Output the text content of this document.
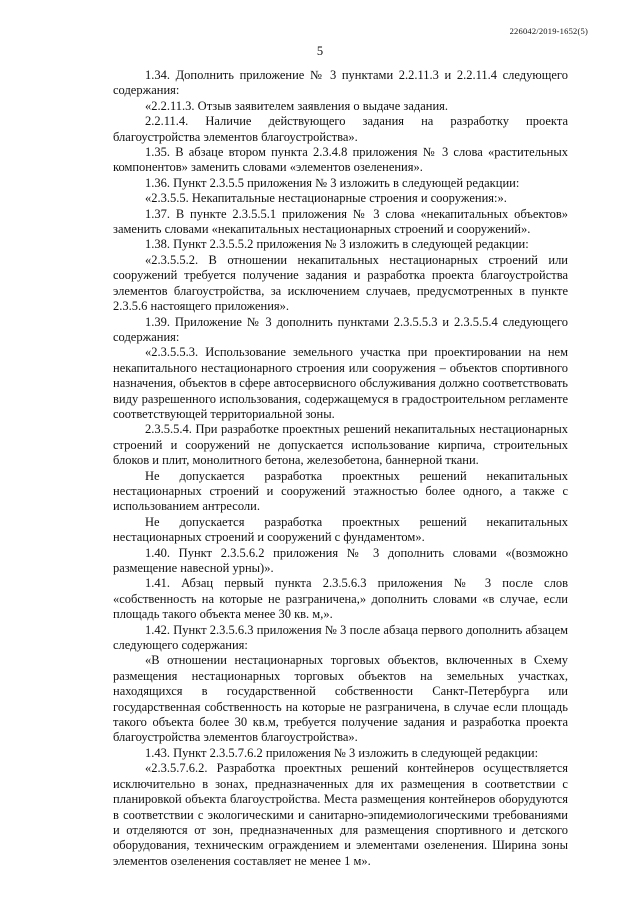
226042/2019-1652(5)
5

1.34. Дополнить приложение № 3 пунктами 2.2.11.3 и 2.2.11.4 следующего содержания:

«2.2.11.3. Отзыв заявителем заявления о выдаче задания.

2.2.11.4. Наличие действующего задания на разработку проекта благоустройства элементов благоустройства».

1.35. В абзаце втором пункта 2.3.4.8 приложения № 3 слова «растительных компонентов» заменить словами «элементов озеленения».

1.36. Пункт 2.3.5.5 приложения № 3 изложить в следующей редакции:

«2.3.5.5. Некапитальные нестационарные строения и сооружения:».

1.37. В пункте 2.3.5.5.1 приложения № 3 слова «некапитальных объектов» заменить словами «некапитальных нестационарных строений и сооружений».

1.38. Пункт 2.3.5.5.2 приложения № 3 изложить в следующей редакции:

«2.3.5.5.2. В отношении некапитальных нестационарных строений или сооружений требуется получение задания и разработка проекта благоустройства элементов благоустройства, за исключением случаев, предусмотренных в пункте 2.3.5.6 настоящего приложения».

1.39. Приложение № 3 дополнить пунктами 2.3.5.5.3 и 2.3.5.5.4 следующего содержания:

«2.3.5.5.3. Использование земельного участка при проектировании на нем некапитального нестационарного строения или сооружения – объектов спортивного назначения, объектов в сфере автосервисного обслуживания должно соответствовать виду разрешенного использования, содержащемуся в градостроительном регламенте соответствующей территориальной зоны.

2.3.5.5.4. При разработке проектных решений некапитальных нестационарных строений и сооружений не допускается использование кирпича, строительных блоков и плит, монолитного бетона, железобетона, баннерной ткани.

Не допускается разработка проектных решений некапитальных нестационарных строений и сооружений этажностью более одного, а также с использованием антресоли.

Не допускается разработка проектных решений некапитальных нестационарных строений и сооружений с фундаментом».

1.40. Пункт 2.3.5.6.2 приложения № 3 дополнить словами «(возможно размещение навесной урны)».

1.41. Абзац первый пункта 2.3.5.6.3 приложения № 3 после слов «собственность на которые не разграничена,» дополнить словами «в случае, если площадь такого объекта менее 30 кв. м,».

1.42. Пункт 2.3.5.6.3 приложения № 3 после абзаца первого дополнить абзацем следующего содержания:

«В отношении нестационарных торговых объектов, включенных в Схему размещения нестационарных торговых объектов на земельных участках, находящихся в государственной собственности Санкт-Петербурга или государственная собственность на которые не разграничена, в случае если площадь такого объекта более 30 кв.м, требуется получение задания и разработка проекта благоустройства элементов благоустройства».

1.43. Пункт 2.3.5.7.6.2 приложения № 3 изложить в следующей редакции:

«2.3.5.7.6.2. Разработка проектных решений контейнеров осуществляется исключительно в зонах, предназначенных для их размещения в соответствии с планировкой объекта благоустройства. Места размещения контейнеров оборудуются в соответствии с экологическими и санитарно-эпидемиологическими требованиями и отделяются от зон, предназначенных для размещения спортивного и детского оборудования, техническим ограждением и элементами озеленения. Ширина зоны элементов озеленения составляет не менее 1 м».
